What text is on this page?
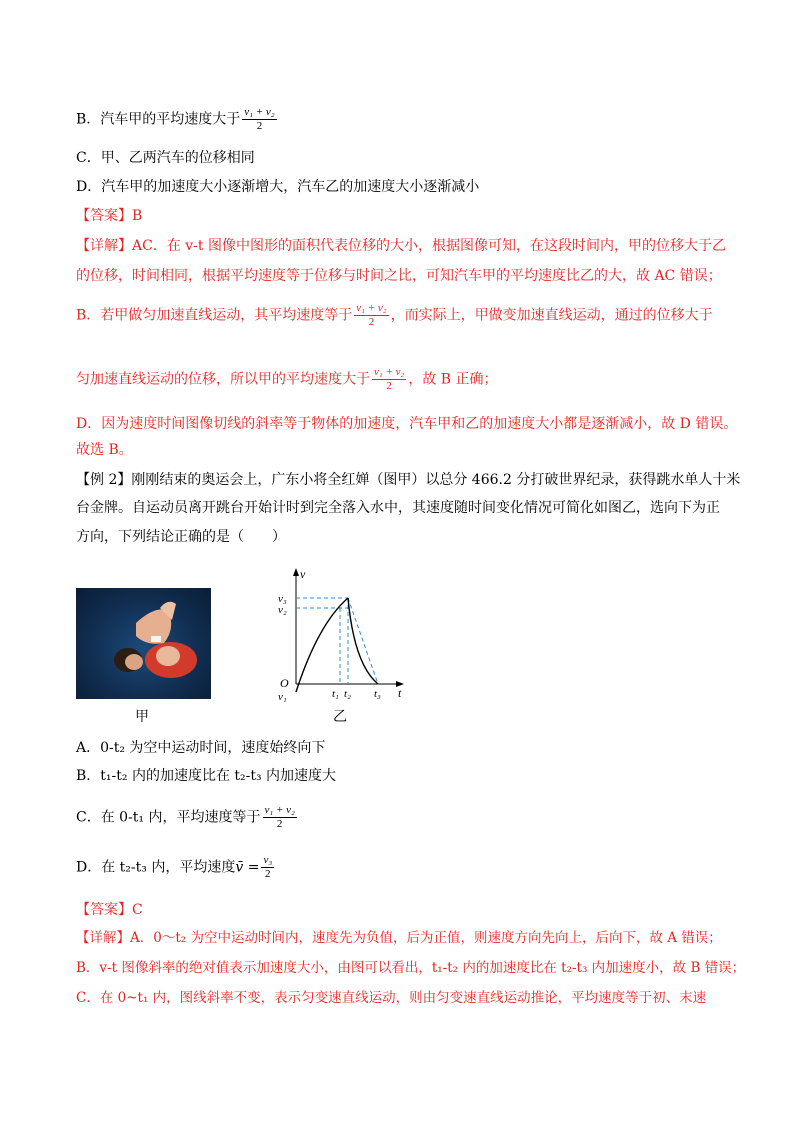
B．汽车甲的平均速度大于 $\frac{\text{v₁ + v₂}}{2}$
C．甲、乙两汽车的位移相同
D．汽车甲的加速度大小逐渐增大，汽车乙的加速度大小逐渐减小
【答案】B
【详解】AC．在 v-t 图像中图形的面积代表位移的大小，根据图像可知，在这段时间内，甲的位移大于乙
的位移，时间相同，根据平均速度等于位移与时间之比，可知汽车甲的平均速度比乙的大，故 AC 错误；
B．若甲做匀加速直线运动，其平均速度等于 $\frac{\text{v₁ + v₂}}{2}$ ，而实际上，甲做变加速直线运动，通过的位移大于
匀加速直线运动的位移，所以甲的平均速度大于 $\frac{\text{v₁ + v₂}}{2}$ ，故 B 正确；
D．因为速度时间图像切线的斜率等于物体的加速度，汽车甲和乙的加速度大小都是逐渐减小，故 D 错误。
故选 B。
【例 2】刚刚结束的奥运会上，广东小将全红婵（图甲）以总分 466.2 分打破世界纪录，获得跳水单人十米
台金牌。自运动员离开跳台开始计时到完全落入水中，其速度随时间变化情况可简化如图乙，选向下为正
方向，下列结论正确的是（　　）
甲
v
t
O
v₃
v₂
v₁	t₁ t₂ t₃
乙
A．0-t₂ 为空中运动时间，速度始终向下
B．t₁-t₂ 内的加速度比在 t₂-t₃ 内加速度大
C．在 0-t₁ 内，平均速度等于 $\frac{\text{v₁ + v₂}}{2}$
D．在 t₂-t₃ 内，平均速度v̄ = $\frac{\text{v₃}}{2}$
【答案】C
【详解】A．0～t₂ 为空中运动时间内，速度先为负值，后为正值，则速度方向先向上，后向下，故 A 错误；
B．v-t 图像斜率的绝对值表示加速度大小，由图可以看出，t₁-t₂ 内的加速度比在 t₂-t₃ 内加速度小，故 B 错误；
C．在 0~t₁ 内，图线斜率不变，表示匀变速直线运动，则由匀变速直线运动推论，平均速度等于初、末速
